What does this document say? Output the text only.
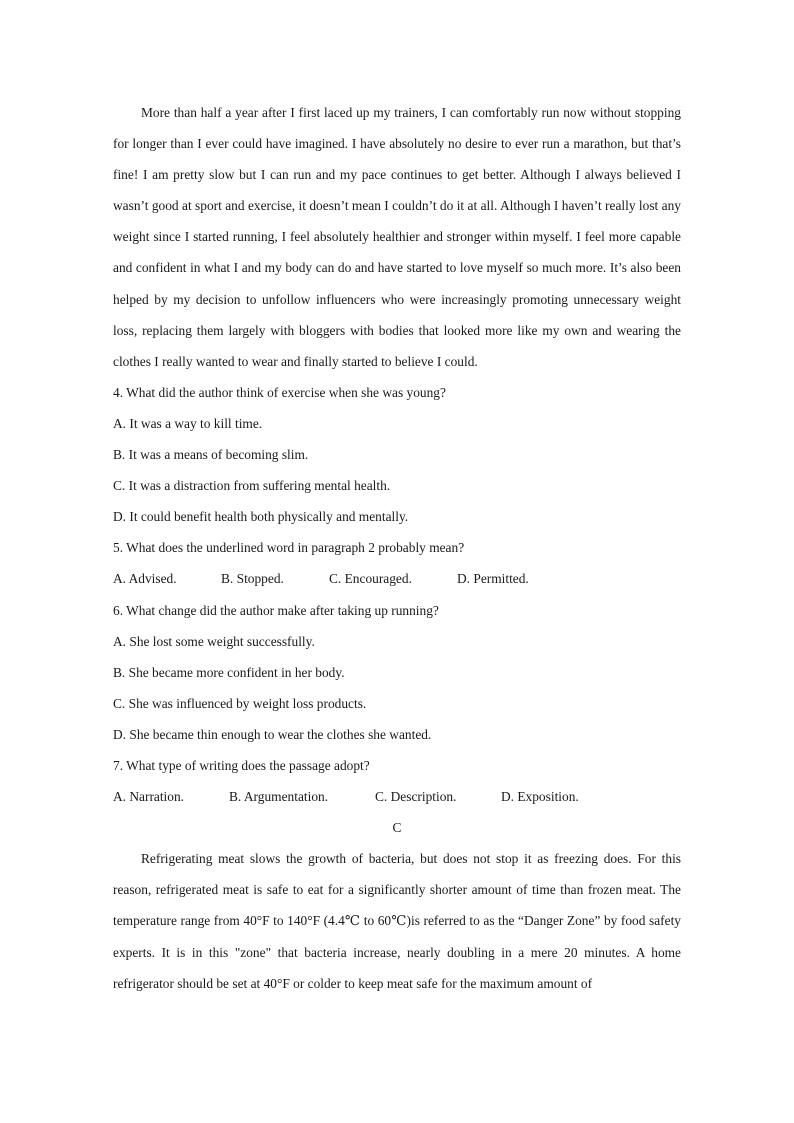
More than half a year after I first laced up my trainers, I can comfortably run now without stopping for longer than I ever could have imagined. I have absolutely no desire to ever run a marathon, but that’s fine! I am pretty slow but I can run and my pace continues to get better. Although I always believed I wasn’t good at sport and exercise, it doesn’t mean I couldn’t do it at all. Although I haven’t really lost any weight since I started running, I feel absolutely healthier and stronger within myself. I feel more capable and confident in what I and my body can do and have started to love myself so much more. It’s also been helped by my decision to unfollow influencers who were increasingly promoting unnecessary weight loss, replacing them largely with bloggers with bodies that looked more like my own and wearing the clothes I really wanted to wear and finally started to believe I could.

4. What did the author think of exercise when she was young?

A. It was a way to kill time.

B. It was a means of becoming slim.

C. It was a distraction from suffering mental health.

D. It could benefit health both physically and mentally.

5. What does the underlined word in paragraph 2 probably mean?

A. Advised.	B. Stopped.	C. Encouraged.	D. Permitted.

6. What change did the author make after taking up running?

A. She lost some weight successfully.

B. She became more confident in her body.

C. She was influenced by weight loss products.

D. She became thin enough to wear the clothes she wanted.

7. What type of writing does the passage adopt?

A. Narration.	B. Argumentation.	C. Description.	D. Exposition.

C

Refrigerating meat slows the growth of bacteria, but does not stop it as freezing does. For this reason, refrigerated meat is safe to eat for a significantly shorter amount of time than frozen meat. The temperature range from 40°F to 140°F (4.4℃ to 60℃)is referred to as the “Danger Zone” by food safety experts. It is in this "zone" that bacteria increase, nearly doubling in a mere 20 minutes. A home refrigerator should be set at 40°F or colder to keep meat safe for the maximum amount of
